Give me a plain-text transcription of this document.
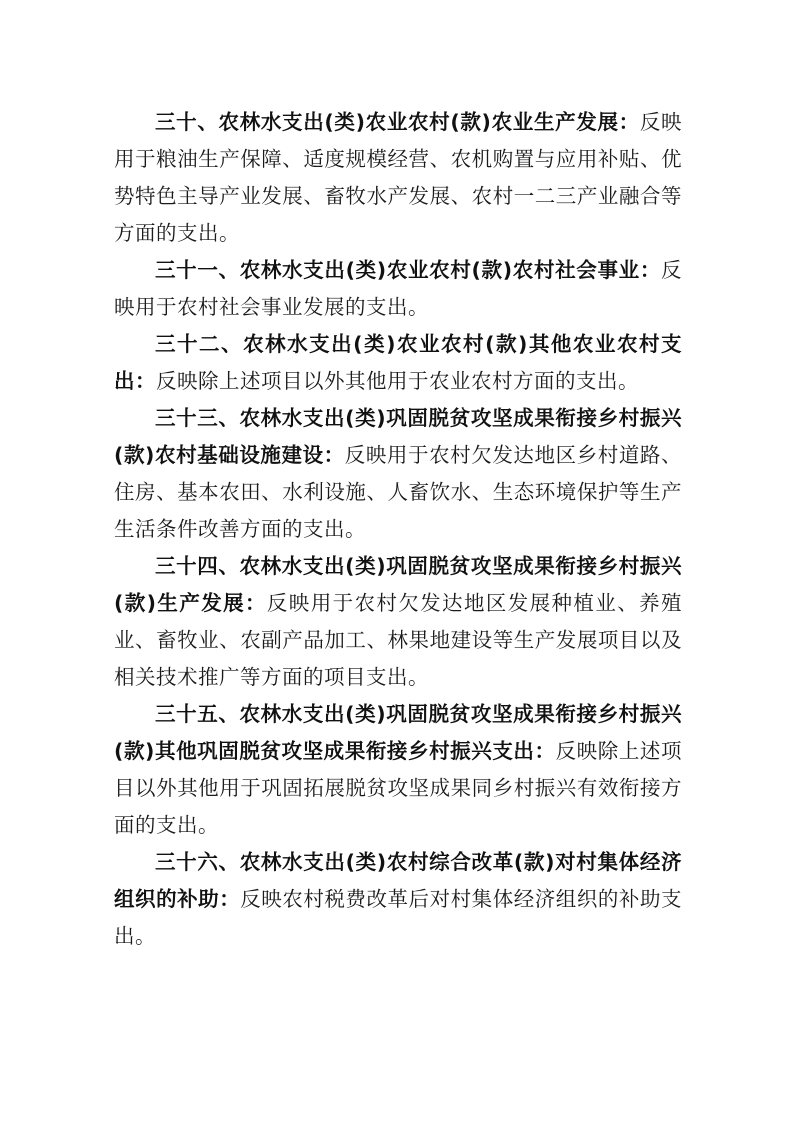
三十、农林水支出(类)农业农村(款)农业生产发展：反映用于粮油生产保障、适度规模经营、农机购置与应用补贴、优势特色主导产业发展、畜牧水产发展、农村一二三产业融合等方面的支出。

三十一、农林水支出(类)农业农村(款)农村社会事业：反映用于农村社会事业发展的支出。

三十二、农林水支出(类)农业农村(款)其他农业农村支出：反映除上述项目以外其他用于农业农村方面的支出。

三十三、农林水支出(类)巩固脱贫攻坚成果衔接乡村振兴(款)农村基础设施建设：反映用于农村欠发达地区乡村道路、住房、基本农田、水利设施、人畜饮水、生态环境保护等生产生活条件改善方面的支出。

三十四、农林水支出(类)巩固脱贫攻坚成果衔接乡村振兴(款)生产发展：反映用于农村欠发达地区发展种植业、养殖业、畜牧业、农副产品加工、林果地建设等生产发展项目以及相关技术推广等方面的项目支出。

三十五、农林水支出(类)巩固脱贫攻坚成果衔接乡村振兴(款)其他巩固脱贫攻坚成果衔接乡村振兴支出：反映除上述项目以外其他用于巩固拓展脱贫攻坚成果同乡村振兴有效衔接方面的支出。

三十六、农林水支出(类)农村综合改革(款)对村集体经济组织的补助：反映农村税费改革后对村集体经济组织的补助支出。
